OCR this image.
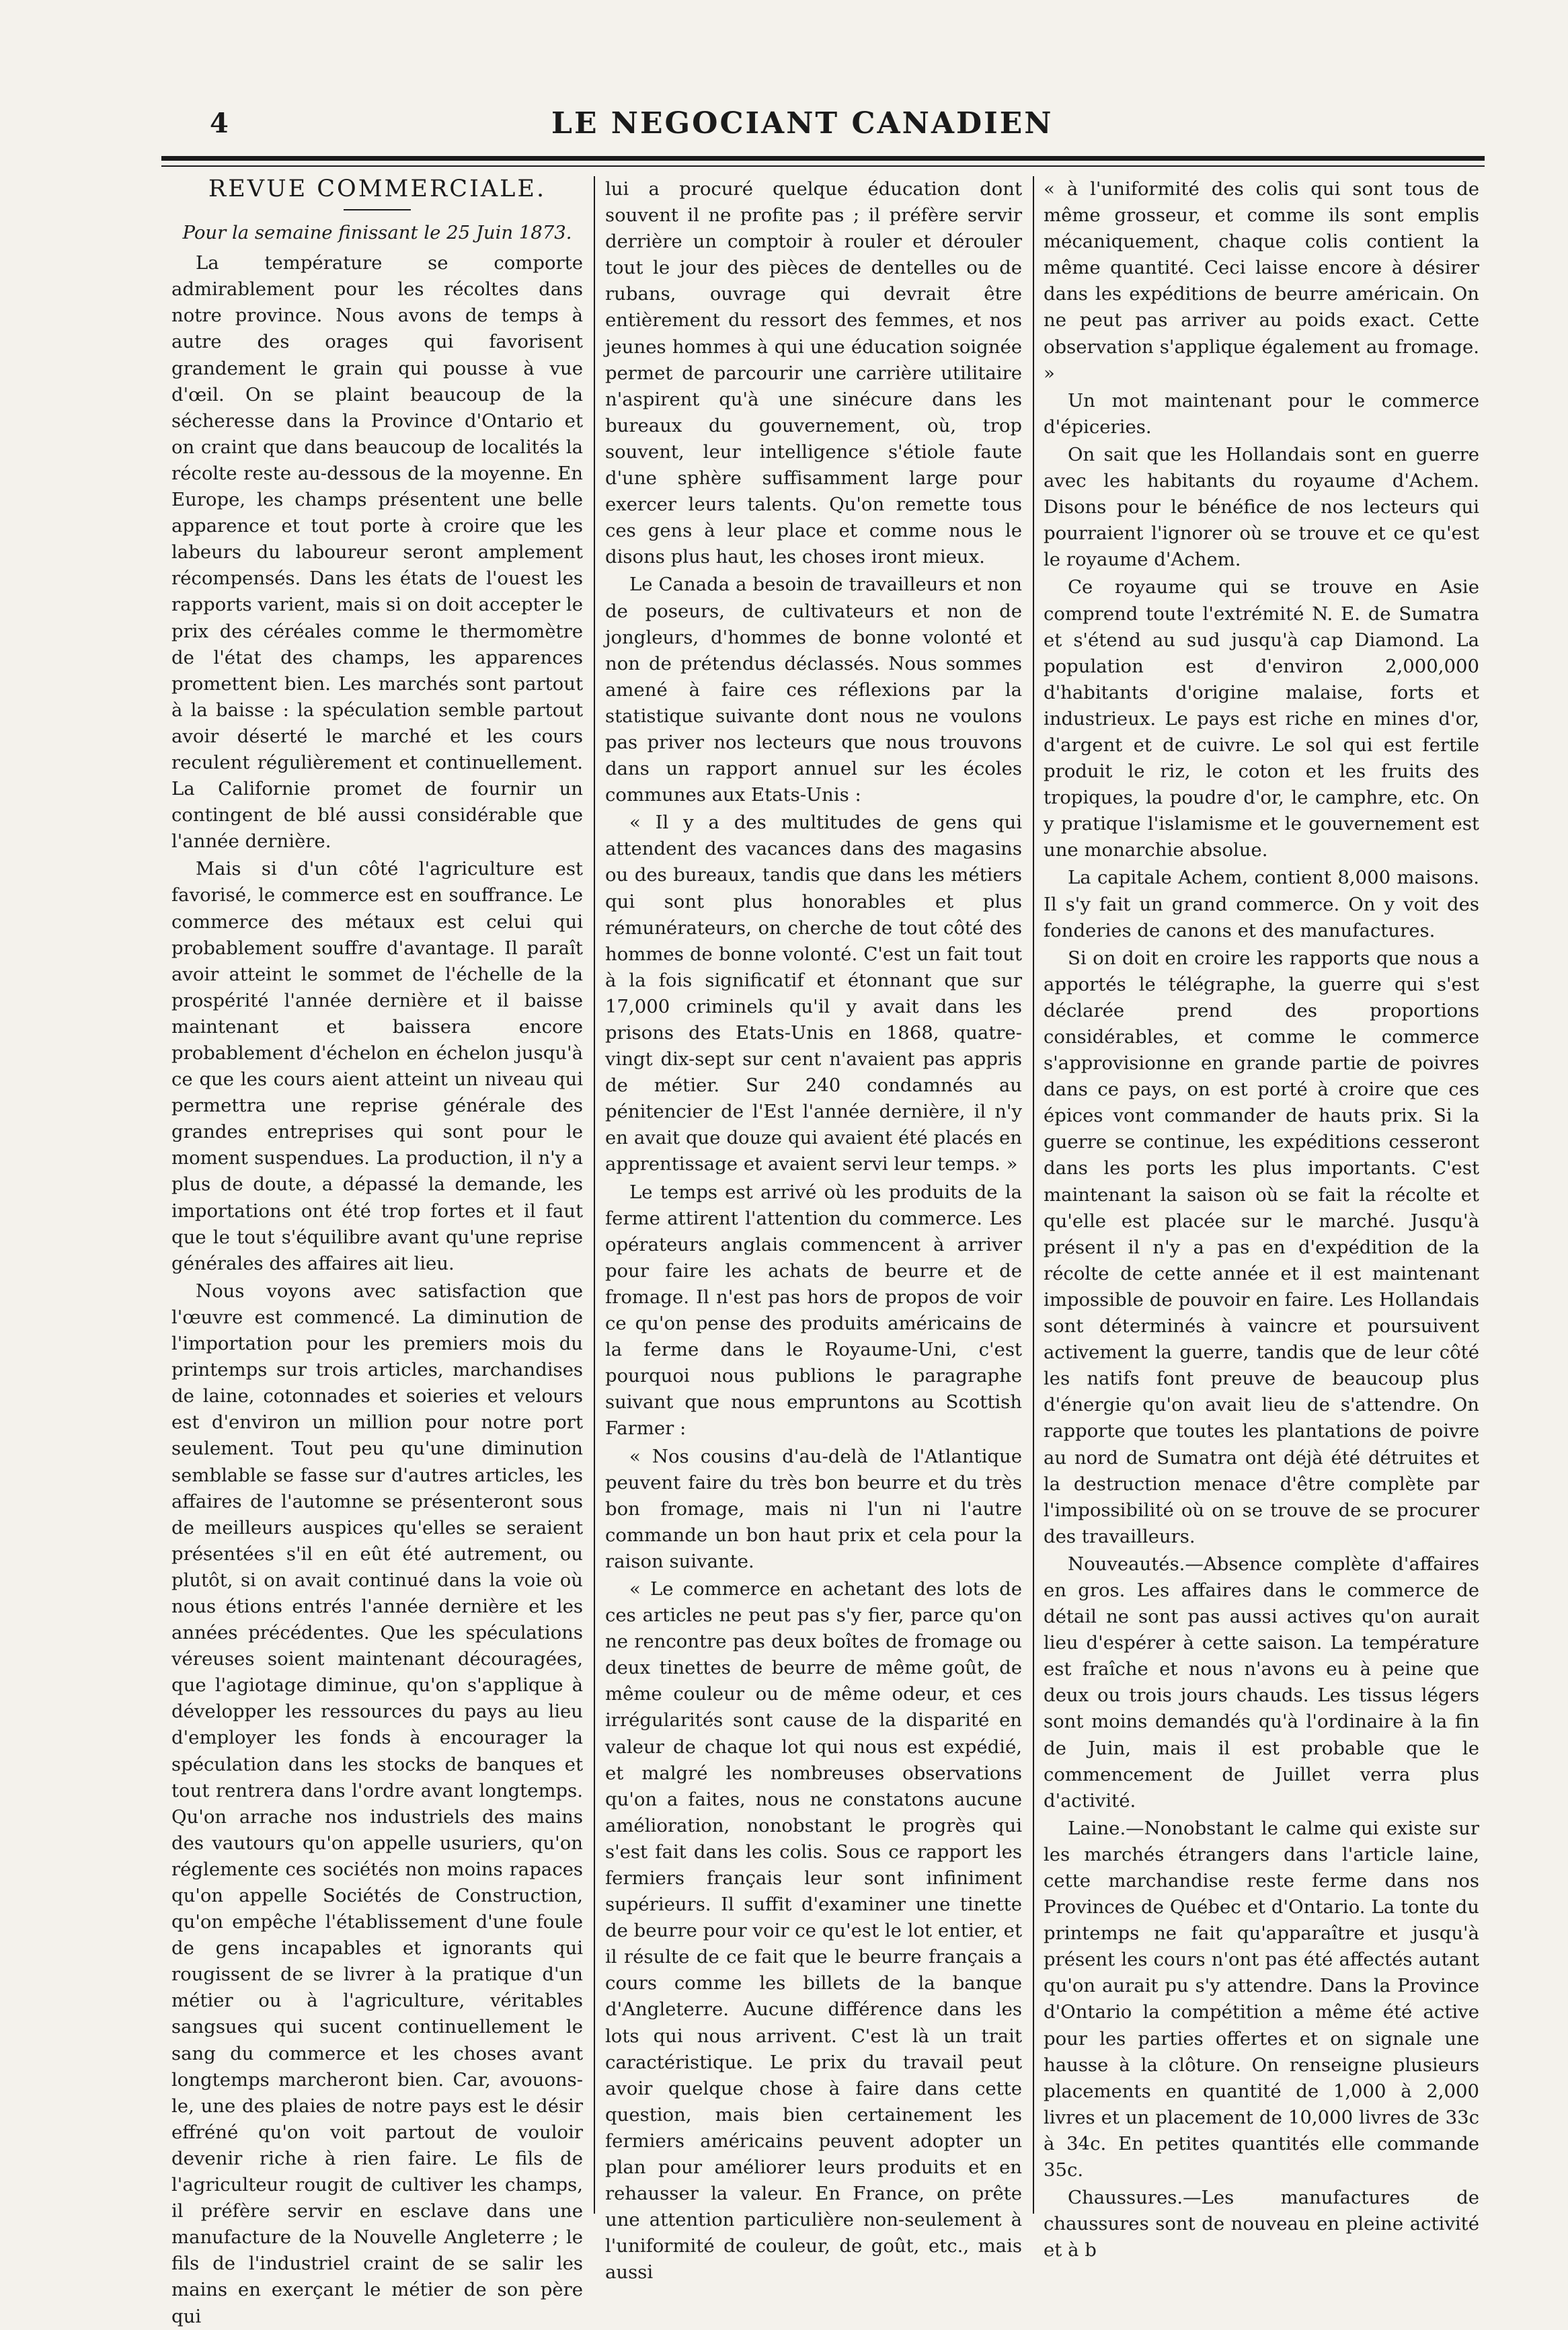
4	LE NEGOCIANT CANADIEN
REVUE COMMERCIALE.
Pour la semaine finissant le 25 Juin 1873.

La température se comporte admirablement pour les récoltes dans notre province. Nous avons de temps à autre des orages qui favorisent grandement le grain qui pousse à vue d'œil. On se plaint beaucoup de la sécheresse dans la Province d'Ontario et on craint que dans beaucoup de localités la récolte reste au-dessous de la moyenne. En Europe, les champs présentent une belle apparence et tout porte à croire que les labeurs du laboureur seront amplement récompensés. Dans les états de l'ouest les rapports varient, mais si on doit accepter le prix des céréales comme le thermomètre de l'état des champs, les apparences promettent bien. Les marchés sont partout à la baisse : la spéculation semble partout avoir déserté le marché et les cours reculent régulièrement et continuellement. La Californie promet de fournir un contingent de blé aussi considérable que l'année dernière.

Mais si d'un côté l'agriculture est favorisé, le commerce est en souffrance. Le commerce des métaux est celui qui probablement souffre d'avantage. Il paraît avoir atteint le sommet de l'échelle de la prospérité l'année dernière et il baisse maintenant et baissera encore probablement d'échelon en échelon jusqu'à ce que les cours aient atteint un niveau qui permettra une reprise générale des grandes entreprises qui sont pour le moment suspendues. La production, il n'y a plus de doute, a dépassé la demande, les importations ont été trop fortes et il faut que le tout s'équilibre avant qu'une reprise générales des affaires ait lieu.

Nous voyons avec satisfaction que l'œuvre est commencé. La diminution de l'importation pour les premiers mois du printemps sur trois articles, marchandises de laine, cotonnades et soieries et velours est d'environ un million pour notre port seulement. Tout peu qu'une diminution semblable se fasse sur d'autres articles, les affaires de l'automne se présenteront sous de meilleurs auspices qu'elles se seraient présentées s'il en eût été autrement, ou plutôt, si on avait continué dans la voie où nous étions entrés l'année dernière et les années précédentes. Que les spéculations véreuses soient maintenant découragées, que l'agiotage diminue, qu'on s'applique à développer les ressources du pays au lieu d'employer les fonds à encourager la spéculation dans les stocks de banques et tout rentrera dans l'ordre avant longtemps. Qu'on arrache nos industriels des mains des vautours qu'on appelle usuriers, qu'on réglemente ces sociétés non moins rapaces qu'on appelle Sociétés de Construction, qu'on empêche l'établissement d'une foule de gens incapables et ignorants qui rougissent de se livrer à la pratique d'un métier ou à l'agriculture, véritables sangsues qui sucent continuellement le sang du commerce et les choses avant longtemps marcheront bien. Car, avouons-le, une des plaies de notre pays est le désir effréné qu'on voit partout de vouloir devenir riche à rien faire. Le fils de l'agriculteur rougit de cultiver les champs, il préfère servir en esclave dans une manufacture de la Nouvelle Angleterre ; le fils de l'industriel craint de se salir les mains en exerçant le métier de son père qui

lui a procuré quelque éducation dont souvent il ne profite pas ; il préfère servir derrière un comptoir à rouler et dérouler tout le jour des pièces de dentelles ou de rubans, ouvrage qui devrait être entièrement du ressort des femmes, et nos jeunes hommes à qui une éducation soignée permet de parcourir une carrière utilitaire n'aspirent qu'à une sinécure dans les bureaux du gouvernement, où, trop souvent, leur intelligence s'étiole faute d'une sphère suffisamment large pour exercer leurs talents. Qu'on remette tous ces gens à leur place et comme nous le disons plus haut, les choses iront mieux.

Le Canada a besoin de travailleurs et non de poseurs, de cultivateurs et non de jongleurs, d'hommes de bonne volonté et non de prétendus déclassés. Nous sommes amené à faire ces réflexions par la statistique suivante dont nous ne voulons pas priver nos lecteurs que nous trouvons dans un rapport annuel sur les écoles communes aux Etats-Unis :

« Il y a des multitudes de gens qui attendent des vacances dans des magasins ou des bureaux, tandis que dans les métiers qui sont plus honorables et plus rémunérateurs, on cherche de tout côté des hommes de bonne volonté. C'est un fait tout à la fois significatif et étonnant que sur 17,000 criminels qu'il y avait dans les prisons des Etats-Unis en 1868, quatre-vingt dix-sept sur cent n'avaient pas appris de métier. Sur 240 condamnés au pénitencier de l'Est l'année dernière, il n'y en avait que douze qui avaient été placés en apprentissage et avaient servi leur temps. »

Le temps est arrivé où les produits de la ferme attirent l'attention du commerce. Les opérateurs anglais commencent à arriver pour faire les achats de beurre et de fromage. Il n'est pas hors de propos de voir ce qu'on pense des produits américains de la ferme dans le Royaume-Uni, c'est pourquoi nous publions le paragraphe suivant que nous empruntons au Scottish Farmer :

« Nos cousins d'au-delà de l'Atlantique peuvent faire du très bon beurre et du très bon fromage, mais ni l'un ni l'autre commande un bon haut prix et cela pour la raison suivante.

« Le commerce en achetant des lots de ces articles ne peut pas s'y fier, parce qu'on ne rencontre pas deux boîtes de fromage ou deux tinettes de beurre de même goût, de même couleur ou de même odeur, et ces irrégularités sont cause de la disparité en valeur de chaque lot qui nous est expédié, et malgré les nombreuses observations qu'on a faites, nous ne constatons aucune amélioration, nonobstant le progrès qui s'est fait dans les colis. Sous ce rapport les fermiers français leur sont infiniment supérieurs. Il suffit d'examiner une tinette de beurre pour voir ce qu'est le lot entier, et il résulte de ce fait que le beurre français a cours comme les billets de la banque d'Angleterre. Aucune différence dans les lots qui nous arrivent. C'est là un trait caractéristique. Le prix du travail peut avoir quelque chose à faire dans cette question, mais bien certainement les fermiers américains peuvent adopter un plan pour améliorer leurs produits et en rehausser la valeur. En France, on prête une attention particulière non-seulement à l'uniformité de couleur, de goût, etc., mais aussi

« à l'uniformité des colis qui sont tous de même grosseur, et comme ils sont emplis mécaniquement, chaque colis contient la même quantité. Ceci laisse encore à désirer dans les expéditions de beurre américain. On ne peut pas arriver au poids exact. Cette observation s'applique également au fromage. »

Un mot maintenant pour le commerce d'épiceries.

On sait que les Hollandais sont en guerre avec les habitants du royaume d'Achem. Disons pour le bénéfice de nos lecteurs qui pourraient l'ignorer où se trouve et ce qu'est le royaume d'Achem.

Ce royaume qui se trouve en Asie comprend toute l'extrémité N. E. de Sumatra et s'étend au sud jusqu'à cap Diamond. La population est d'environ 2,000,000 d'habitants d'origine malaise, forts et industrieux. Le pays est riche en mines d'or, d'argent et de cuivre. Le sol qui est fertile produit le riz, le coton et les fruits des tropiques, la poudre d'or, le camphre, etc. On y pratique l'islamisme et le gouvernement est une monarchie absolue.

La capitale Achem, contient 8,000 maisons. Il s'y fait un grand commerce. On y voit des fonderies de canons et des manufactures.

Si on doit en croire les rapports que nous a apportés le télégraphe, la guerre qui s'est déclarée prend des proportions considérables, et comme le commerce s'approvisionne en grande partie de poivres dans ce pays, on est porté à croire que ces épices vont commander de hauts prix. Si la guerre se continue, les expéditions cesseront dans les ports les plus importants. C'est maintenant la saison où se fait la récolte et qu'elle est placée sur le marché. Jusqu'à présent il n'y a pas en d'expédition de la récolte de cette année et il est maintenant impossible de pouvoir en faire. Les Hollandais sont déterminés à vaincre et poursuivent activement la guerre, tandis que de leur côté les natifs font preuve de beaucoup plus d'énergie qu'on avait lieu de s'attendre. On rapporte que toutes les plantations de poivre au nord de Sumatra ont déjà été détruites et la destruction menace d'être complète par l'impossibilité où on se trouve de se procurer des travailleurs.

Nouveautés.—Absence complète d'affaires en gros. Les affaires dans le commerce de détail ne sont pas aussi actives qu'on aurait lieu d'espérer à cette saison. La température est fraîche et nous n'avons eu à peine que deux ou trois jours chauds. Les tissus légers sont moins demandés qu'à l'ordinaire à la fin de Juin, mais il est probable que le commencement de Juillet verra plus d'activité.

Laine.—Nonobstant le calme qui existe sur les marchés étrangers dans l'article laine, cette marchandise reste ferme dans nos Provinces de Québec et d'Ontario. La tonte du printemps ne fait qu'apparaître et jusqu'à présent les cours n'ont pas été affectés autant qu'on aurait pu s'y attendre. Dans la Province d'Ontario la compétition a même été active pour les parties offertes et on signale une hausse à la clôture. On renseigne plusieurs placements en quantité de 1,000 à 2,000 livres et un placement de 10,000 livres de 33c à 34c. En petites quantités elle commande 35c.

Chaussures.—Les manufactures de chaussures sont de nouveau en pleine activité et à b
